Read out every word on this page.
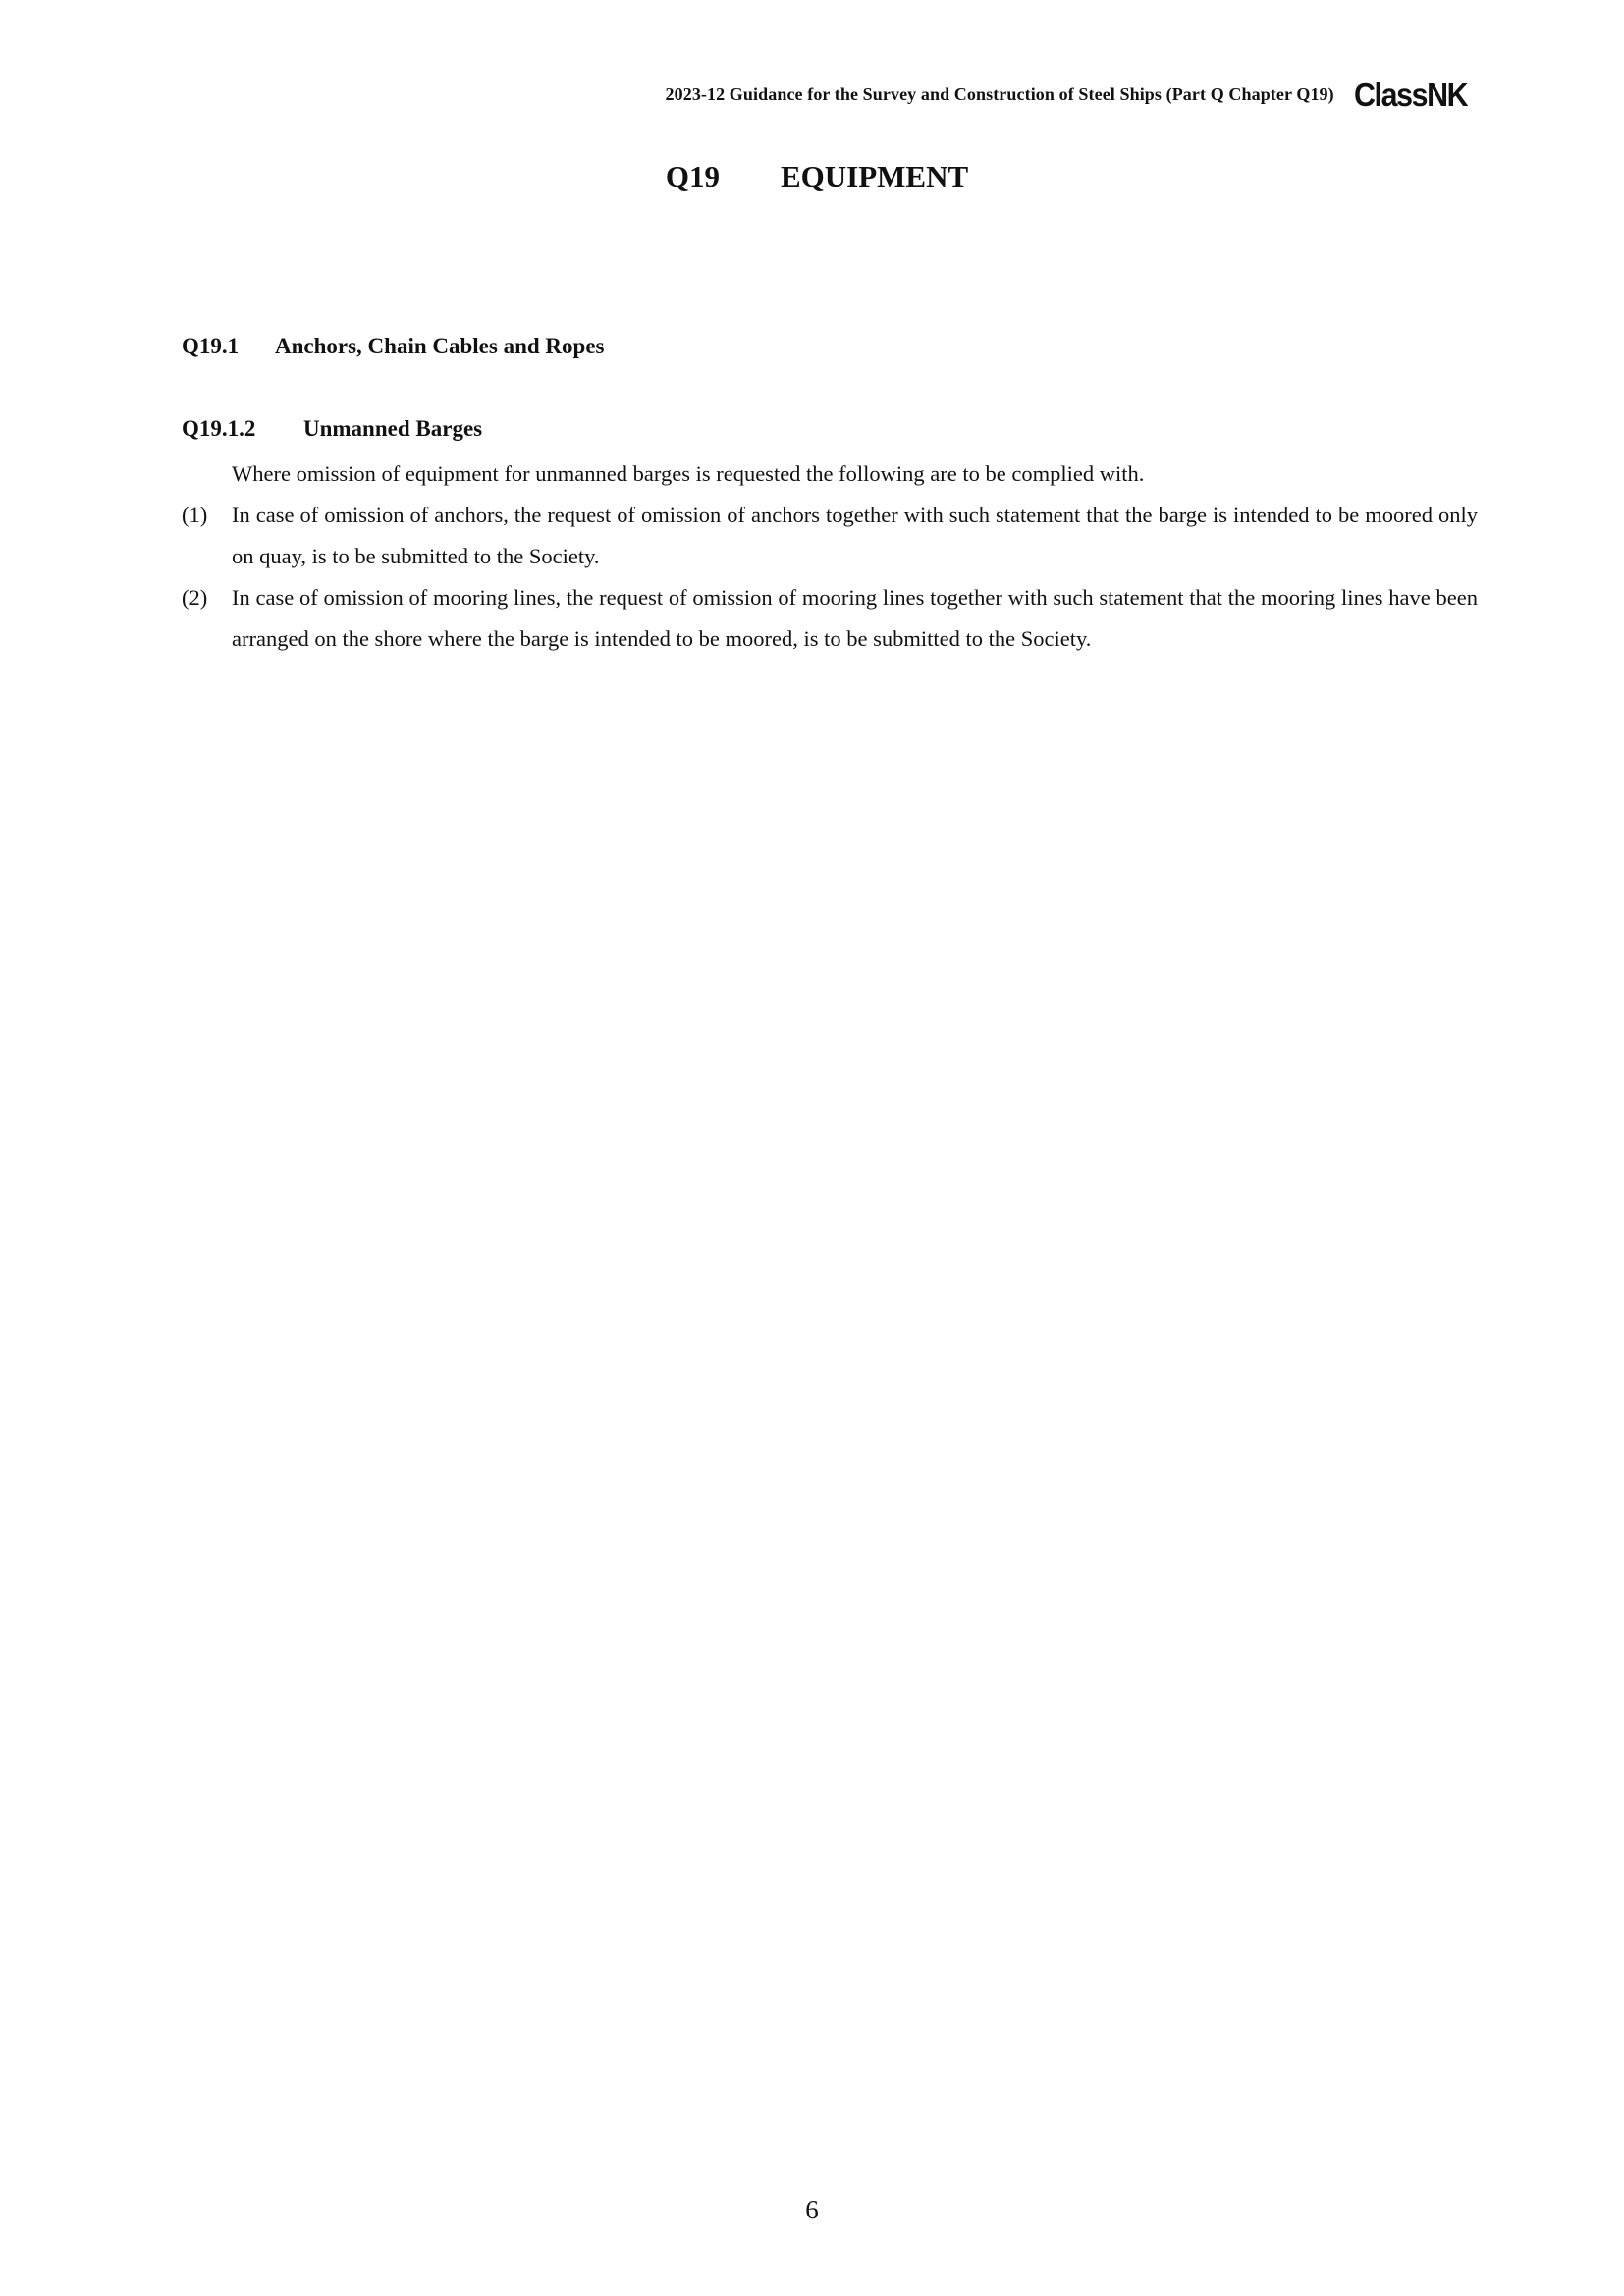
2023-12 Guidance for the Survey and Construction of Steel Ships (Part Q Chapter Q19) ClassNK
Q19 EQUIPMENT
Q19.1 Anchors, Chain Cables and Ropes
Q19.1.2 Unmanned Barges

Where omission of equipment for unmanned barges is requested the following are to be complied with.

(1)	In case of omission of anchors, the request of omission of anchors together with such statement that the barge is intended to be moored only on quay, is to be submitted to the Society.
(2)	In case of omission of mooring lines, the request of omission of mooring lines together with such statement that the mooring lines have been arranged on the shore where the barge is intended to be moored, is to be submitted to the Society.
6
